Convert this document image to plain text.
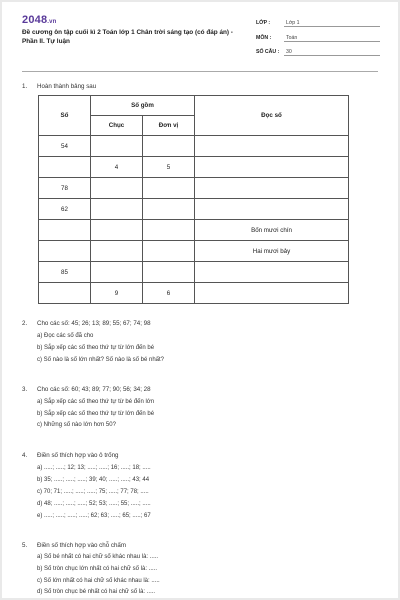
2048.vn
Đề cương ôn tập cuối kì 2 Toán lớp 1 Chân trời sáng tạo (có đáp án) - Phần II. Tự luận
LỚP :	Lớp 1
MÔN :	Toán
SỐ CÂU :	30
1. Hoàn thành bảng sau
Số	Số gồm		Đọc số
	Chục	Đơn vị	
54			
	4	5	
78			
62			
			Bốn mươi chín
			Hai mươi bảy
85			
	9	6	
2. Cho các số: 45; 26; 13; 89; 55; 67; 74; 98
a) Đọc các số đã cho
b) Sắp xếp các số theo thứ tự từ lớn đến bé
c) Số nào là số lớn nhất? Số nào là số bé nhất?
3. Cho các số: 60; 43; 89; 77; 90; 56; 34; 28
a) Sắp xếp các số theo thứ tự từ bé đến lớn
b) Sắp xếp các số theo thứ tự từ lớn đến bé
c) Những số nào lớn hơn 50?
4. Điền số thích hợp vào ô trống
a) .....; .....; 12; 13; .....; .....; 16; .....; 18; .....
b) 35; .....; .....; .....; 39; 40; .....; .....; 43; 44
c) 70; 71; .....; .....; .....; 75; .....; 77; 78; .....
d) 48; .....; .....; .....; 52; 53; .....; 55; .....; .....
e) .....; .....; .....; .....; 62; 63; .....; 65; .....; 67
5. Điền số thích hợp vào chỗ chấm
a) Số bé nhất có hai chữ số khác nhau là: .....
b) Số tròn chục lớn nhất có hai chữ số là: .....
c) Số lớn nhất có hai chữ số khác nhau là: .....
d) Số tròn chục bé nhất có hai chữ số là: .....
